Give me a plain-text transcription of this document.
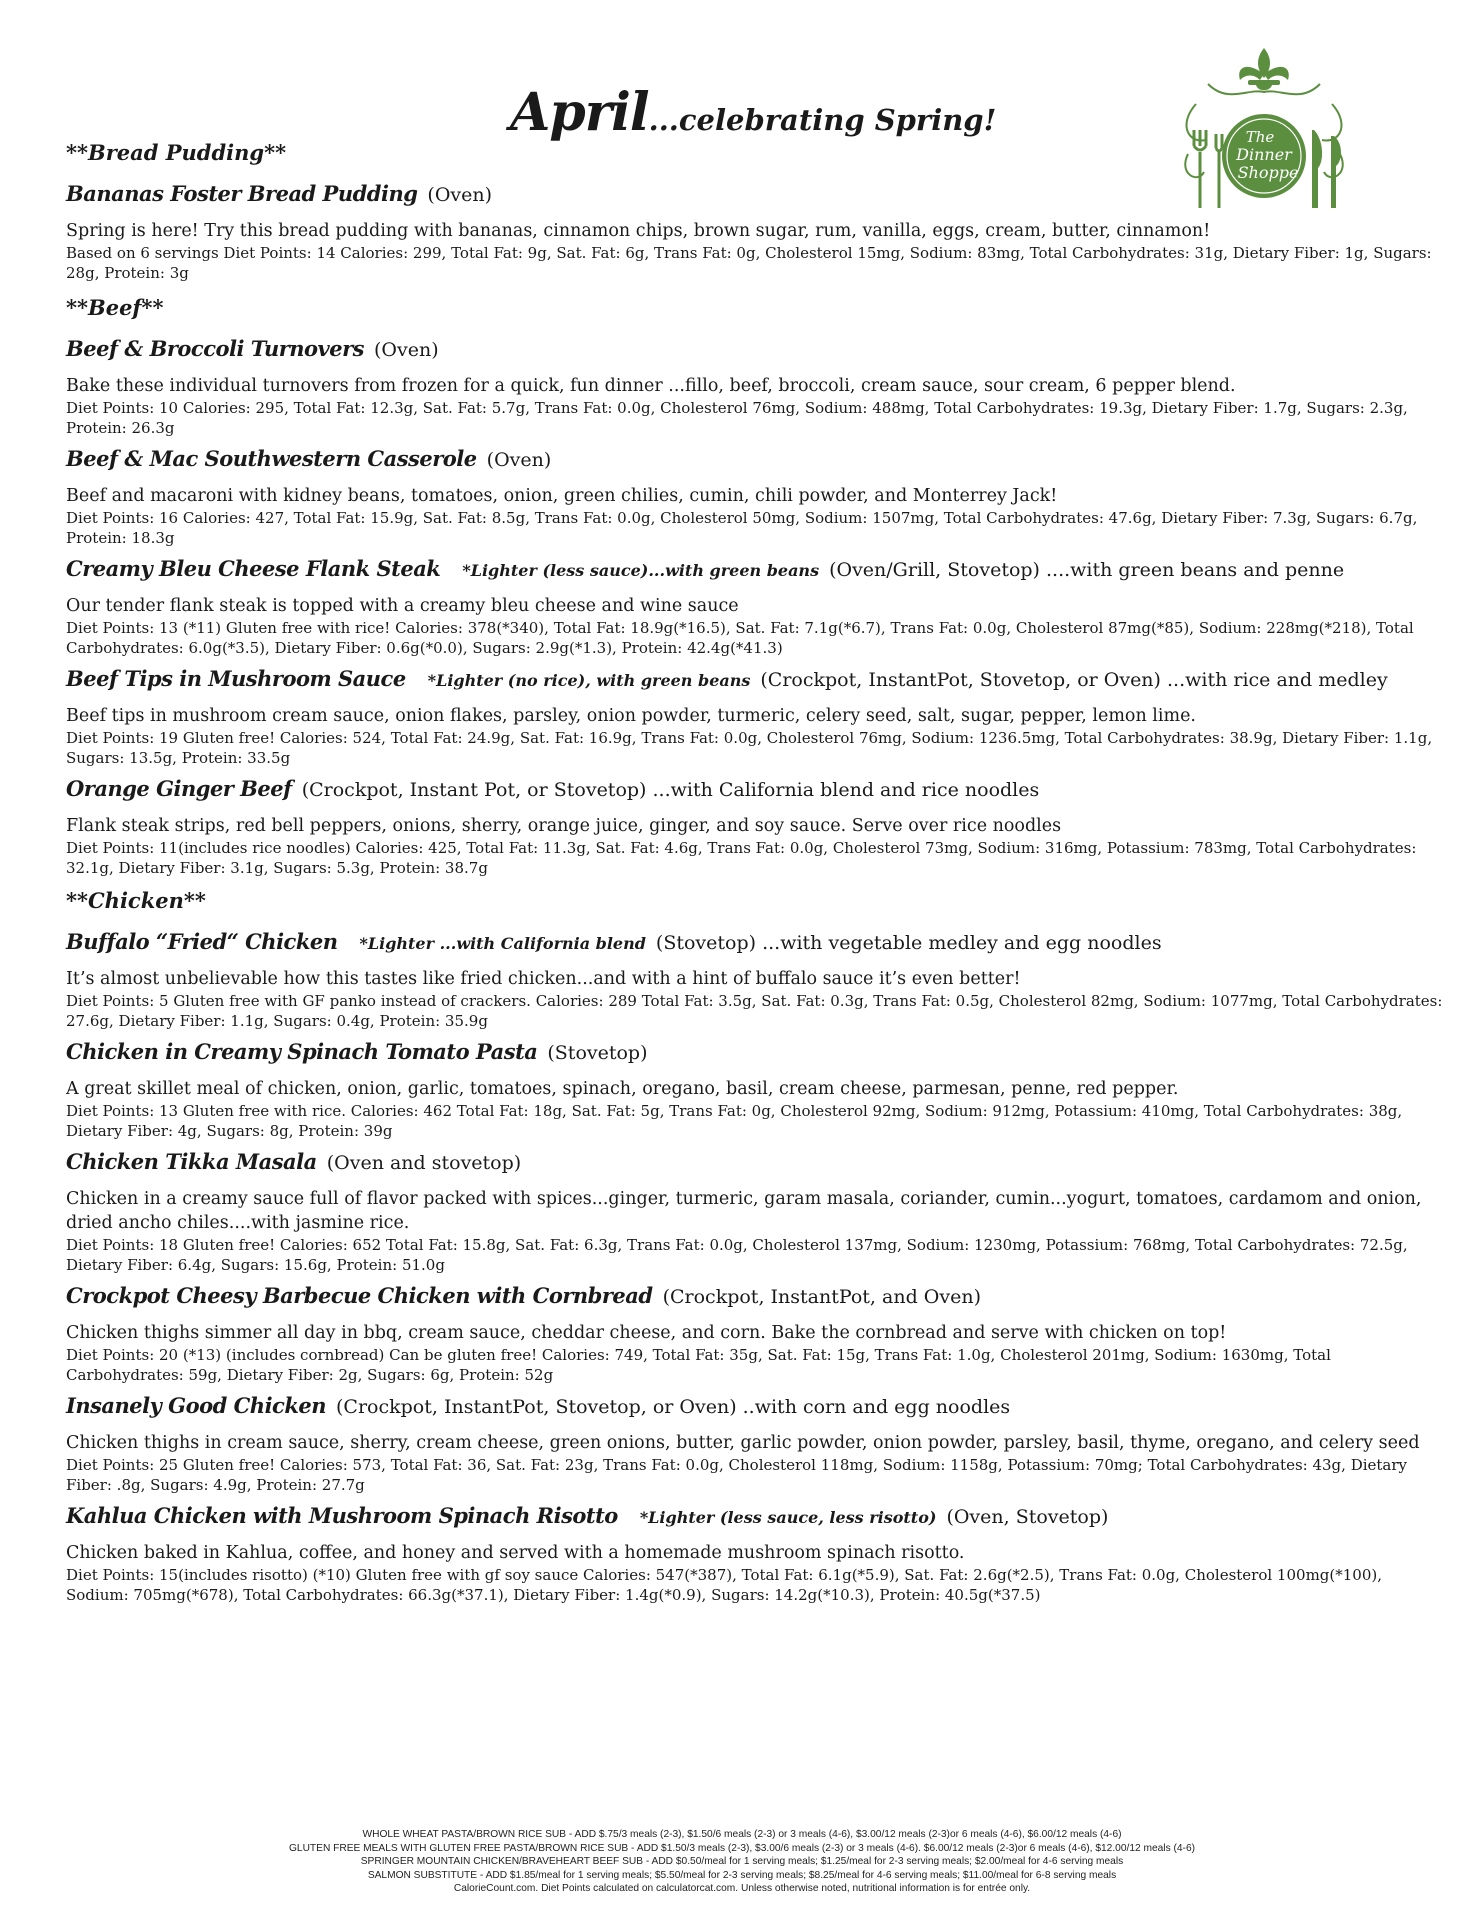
April...celebrating Spring!	The
Dinner
Shoppe
**Bread Pudding**
Bananas Foster Bread Pudding (Oven)
Spring is here! Try this bread pudding with bananas, cinnamon chips, brown sugar, rum, vanilla, eggs, cream, butter, cinnamon!
Based on 6 servings Diet Points: 14 Calories: 299, Total Fat: 9g, Sat. Fat: 6g, Trans Fat: 0g, Cholesterol 15mg, Sodium: 83mg, Total Carbohydrates: 31g, Dietary Fiber: 1g, Sugars: 28g, Protein: 3g
**Beef**
Beef & Broccoli Turnovers (Oven)
Bake these individual turnovers from frozen for a quick, fun dinner ...fillo, beef, broccoli, cream sauce, sour cream, 6 pepper blend.
Diet Points: 10 Calories: 295, Total Fat: 12.3g, Sat. Fat: 5.7g, Trans Fat: 0.0g, Cholesterol 76mg, Sodium: 488mg, Total Carbohydrates: 19.3g, Dietary Fiber: 1.7g, Sugars: 2.3g, Protein: 26.3g
Beef & Mac Southwestern Casserole (Oven)
Beef and macaroni with kidney beans, tomatoes, onion, green chilies, cumin, chili powder, and Monterrey Jack!
Diet Points: 16 Calories: 427, Total Fat: 15.9g, Sat. Fat: 8.5g, Trans Fat: 0.0g, Cholesterol 50mg, Sodium: 1507mg, Total Carbohydrates: 47.6g, Dietary Fiber: 7.3g, Sugars: 6.7g, Protein: 18.3g
Creamy Bleu Cheese Flank Steak *Lighter (less sauce)...with green beans (Oven/Grill, Stovetop) ....with green beans and penne
Our tender flank steak is topped with a creamy bleu cheese and wine sauce
Diet Points: 13 (*11) Gluten free with rice! Calories: 378(*340), Total Fat: 18.9g(*16.5), Sat. Fat: 7.1g(*6.7), Trans Fat: 0.0g, Cholesterol 87mg(*85), Sodium: 228mg(*218), Total Carbohydrates: 6.0g(*3.5), Dietary Fiber: 0.6g(*0.0), Sugars: 2.9g(*1.3), Protein: 42.4g(*41.3)
Beef Tips in Mushroom Sauce *Lighter (no rice), with green beans (Crockpot, InstantPot, Stovetop, or Oven) ...with rice and medley
Beef tips in mushroom cream sauce, onion flakes, parsley, onion powder, turmeric, celery seed, salt, sugar, pepper, lemon lime.
Diet Points: 19 Gluten free! Calories: 524, Total Fat: 24.9g, Sat. Fat: 16.9g, Trans Fat: 0.0g, Cholesterol 76mg, Sodium: 1236.5mg, Total Carbohydrates: 38.9g, Dietary Fiber: 1.1g, Sugars: 13.5g, Protein: 33.5g
Orange Ginger Beef (Crockpot, Instant Pot, or Stovetop) ...with California blend and rice noodles
Flank steak strips, red bell peppers, onions, sherry, orange juice, ginger, and soy sauce. Serve over rice noodles
Diet Points: 11(includes rice noodles) Calories: 425, Total Fat: 11.3g, Sat. Fat: 4.6g, Trans Fat: 0.0g, Cholesterol 73mg, Sodium: 316mg, Potassium: 783mg, Total Carbohydrates: 32.1g, Dietary Fiber: 3.1g, Sugars: 5.3g, Protein: 38.7g
**Chicken**
Buffalo “Fried“ Chicken *Lighter ...with California blend (Stovetop) ...with vegetable medley and egg noodles
It’s almost unbelievable how this tastes like fried chicken...and with a hint of buffalo sauce it’s even better!
Diet Points: 5 Gluten free with GF panko instead of crackers. Calories: 289 Total Fat: 3.5g, Sat. Fat: 0.3g, Trans Fat: 0.5g, Cholesterol 82mg, Sodium: 1077mg, Total Carbohydrates: 27.6g, Dietary Fiber: 1.1g, Sugars: 0.4g, Protein: 35.9g
Chicken in Creamy Spinach Tomato Pasta (Stovetop)
A great skillet meal of chicken, onion, garlic, tomatoes, spinach, oregano, basil, cream cheese, parmesan, penne, red pepper.
Diet Points: 13 Gluten free with rice. Calories: 462 Total Fat: 18g, Sat. Fat: 5g, Trans Fat: 0g, Cholesterol 92mg, Sodium: 912mg, Potassium: 410mg, Total Carbohydrates: 38g, Dietary Fiber: 4g, Sugars: 8g, Protein: 39g
Chicken Tikka Masala (Oven and stovetop)
Chicken in a creamy sauce full of flavor packed with spices...ginger, turmeric, garam masala, coriander, cumin...yogurt, tomatoes, cardamom and onion, dried ancho chiles....with jasmine rice.
Diet Points: 18 Gluten free! Calories: 652 Total Fat: 15.8g, Sat. Fat: 6.3g, Trans Fat: 0.0g, Cholesterol 137mg, Sodium: 1230mg, Potassium: 768mg, Total Carbohydrates: 72.5g, Dietary Fiber: 6.4g, Sugars: 15.6g, Protein: 51.0g
Crockpot Cheesy Barbecue Chicken with Cornbread (Crockpot, InstantPot, and Oven)
Chicken thighs simmer all day in bbq, cream sauce, cheddar cheese, and corn. Bake the cornbread and serve with chicken on top!
Diet Points: 20 (*13) (includes cornbread) Can be gluten free! Calories: 749, Total Fat: 35g, Sat. Fat: 15g, Trans Fat: 1.0g, Cholesterol 201mg, Sodium: 1630mg, Total Carbohydrates: 59g, Dietary Fiber: 2g, Sugars: 6g, Protein: 52g
Insanely Good Chicken (Crockpot, InstantPot, Stovetop, or Oven) ..with corn and egg noodles
Chicken thighs in cream sauce, sherry, cream cheese, green onions, butter, garlic powder, onion powder, parsley, basil, thyme, oregano, and celery seed
Diet Points: 25 Gluten free! Calories: 573, Total Fat: 36, Sat. Fat: 23g, Trans Fat: 0.0g, Cholesterol 118mg, Sodium: 1158g, Potassium: 70mg; Total Carbohydrates: 43g, Dietary Fiber: .8g, Sugars: 4.9g, Protein: 27.7g
Kahlua Chicken with Mushroom Spinach Risotto *Lighter (less sauce, less risotto) (Oven, Stovetop)
Chicken baked in Kahlua, coffee, and honey and served with a homemade mushroom spinach risotto.
Diet Points: 15(includes risotto) (*10) Gluten free with gf soy sauce Calories: 547(*387), Total Fat: 6.1g(*5.9), Sat. Fat: 2.6g(*2.5), Trans Fat: 0.0g, Cholesterol 100mg(*100), Sodium: 705mg(*678), Total Carbohydrates: 66.3g(*37.1), Dietary Fiber: 1.4g(*0.9), Sugars: 14.2g(*10.3), Protein: 40.5g(*37.5)
WHOLE WHEAT PASTA/BROWN RICE SUB - ADD $.75/3 meals (2-3), $1.50/6 meals (2-3) or 3 meals (4-6), $3.00/12 meals (2-3)or 6 meals (4-6), $6.00/12 meals (4-6)
GLUTEN FREE MEALS WITH GLUTEN FREE PASTA/BROWN RICE SUB - ADD $1.50/3 meals (2-3), $3.00/6 meals (2-3) or 3 meals (4-6). $6.00/12 meals (2-3)or 6 meals (4-6), $12.00/12 meals (4-6)
SPRINGER MOUNTAIN CHICKEN/BRAVEHEART BEEF SUB - ADD $0.50/meal for 1 serving meals; $1.25/meal for 2-3 serving meals; $2.00/meal for 4-6 serving meals
SALMON SUBSTITUTE - ADD $1.85/meal for 1 serving meals; $5.50/meal for 2-3 serving meals; $8.25/meal for 4-6 serving meals; $11.00/meal for 6-8 serving meals
CalorieCount.com. Diet Points calculated on calculatorcat.com. Unless otherwise noted, nutritional information is for entrée only.
